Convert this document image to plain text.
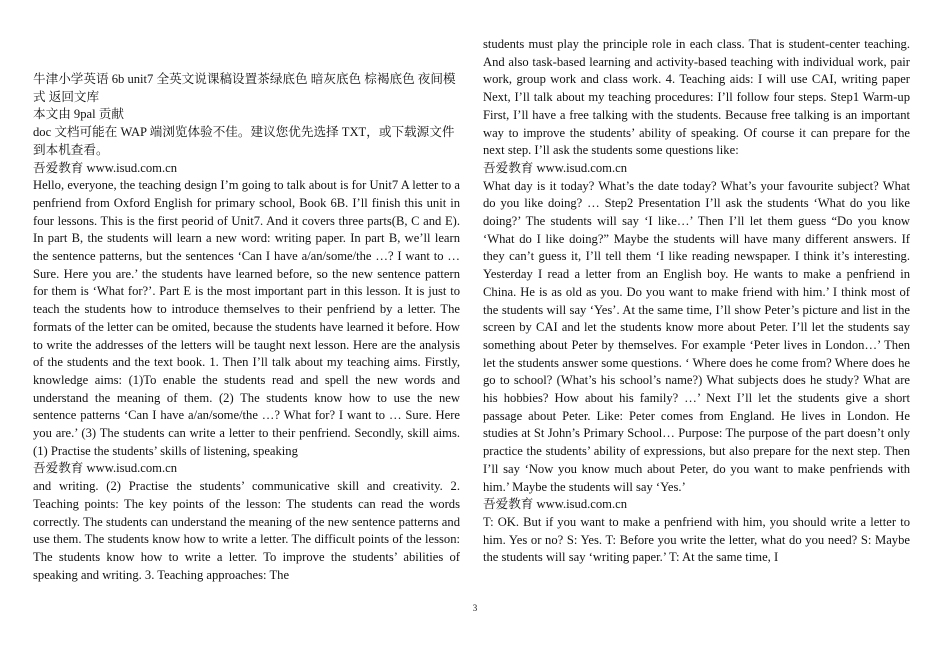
牛津小学英语 6b unit7 全英文说课稿设置茶绿底色 暗灰底色 棕褐底色 夜间模式 返回文库

本文由 9pal 贡献

doc 文档可能在 WAP 端浏览体验不佳。建议您优先选择 TXT，或下载源文件到本机查看。

吾爱教育 www.isud.com.cn

Hello, everyone, the teaching design I’m going to talk about is for Unit7 A letter to a penfriend from Oxford English for primary school, Book 6B. I’ll finish this unit in four lessons. This is the first peorid of Unit7. And it covers three parts(B, C and E). In part B, the students will learn a new word: writing paper. In part B, we’ll learn the sentence patterns, but the sentences ‘Can I have a/an/some/the …? I want to … Sure. Here you are.’ the students have learned before, so the new sentence pattern for them is ‘What for?’. Part E is the most important part in this lesson. It is just to teach the students how to introduce themselves to their penfriend by a letter. The formats of the letter can be omited, because the students have learned it before. How to write the addresses of the letters will be taught next lesson. Here are the analysis of the students and the text book. 1. Then I’ll talk about my teaching aims. Firstly, knowledge aims: (1)To enable the students read and spell the new words and understand the meaning of them. (2) The students know how to use the new sentence patterns ‘Can I have a/an/some/the …? What for? I want to … Sure. Here you are.’ (3) The students can write a letter to their penfriend. Secondly, skill aims. (1) Practise the students’ skills of listening, speaking

吾爱教育 www.isud.com.cn

and writing. (2) Practise the students’ communicative skill and creativity. 2. Teaching points: The key points of the lesson: The students can read the words correctly. The students can understand the meaning of the new sentence patterns and use them. The students know how to write a letter. The difficult points of the lesson: The students know how to write a letter. To improve the students’ abilities of speaking and writing. 3. Teaching approaches: The

students must play the principle role in each class. That is student-center teaching. And also task-based learning and activity-based teaching with individual work, pair work, group work and class work. 4. Teaching aids: I will use CAI, writing paper Next, I’ll talk about my teaching procedures: I’ll follow four steps. Step1 Warm-up First, I’ll have a free talking with the students. Because free talking is an important way to improve the students’ ability of speaking. Of course it can prepare for the next step. I’ll ask the students some questions like:

吾爱教育 www.isud.com.cn

What day is it today? What’s the date today? What’s your favourite subject? What do you like doing? … Step2 Presentation I’ll ask the students ‘What do you like doing?’ The students will say ‘I like…’ Then I’ll let them guess “Do you know ‘What do I like doing?” Maybe the students will have many different answers. If they can’t guess it, I’ll tell them ‘I like reading newspaper. I think it’s interesting. Yesterday I read a letter from an English boy. He wants to make a penfriend in China. He is as old as you. Do you want to make friend with him.’ I think most of the students will say ‘Yes’. At the same time, I’ll show Peter’s picture and list in the screen by CAI and let the students know more about Peter. I’ll let the students say something about Peter by themselves. For example ‘Peter lives in London…’ Then let the students answer some questions. ‘ Where does he come from? Where does he go to school? (What’s his school’s name?) What subjects does he study? What are his hobbies? How about his family? …’ Next I’ll let the students give a short passage about Peter. Like: Peter comes from England. He lives in London. He studies at St John’s Primary School… Purpose: The purpose of the part doesn’t only practice the students’ ability of expressions, but also prepare for the next step. Then I’ll say ‘Now you know much about Peter, do you want to make penfriends with him.’ Maybe the students will say ‘Yes.’

吾爱教育 www.isud.com.cn

T: OK. But if you want to make a penfriend with him, you should write a letter to him. Yes or no? S: Yes. T: Before you write the letter, what do you need? S: Maybe the students will say ‘writing paper.’ T: At the same time, I

3
